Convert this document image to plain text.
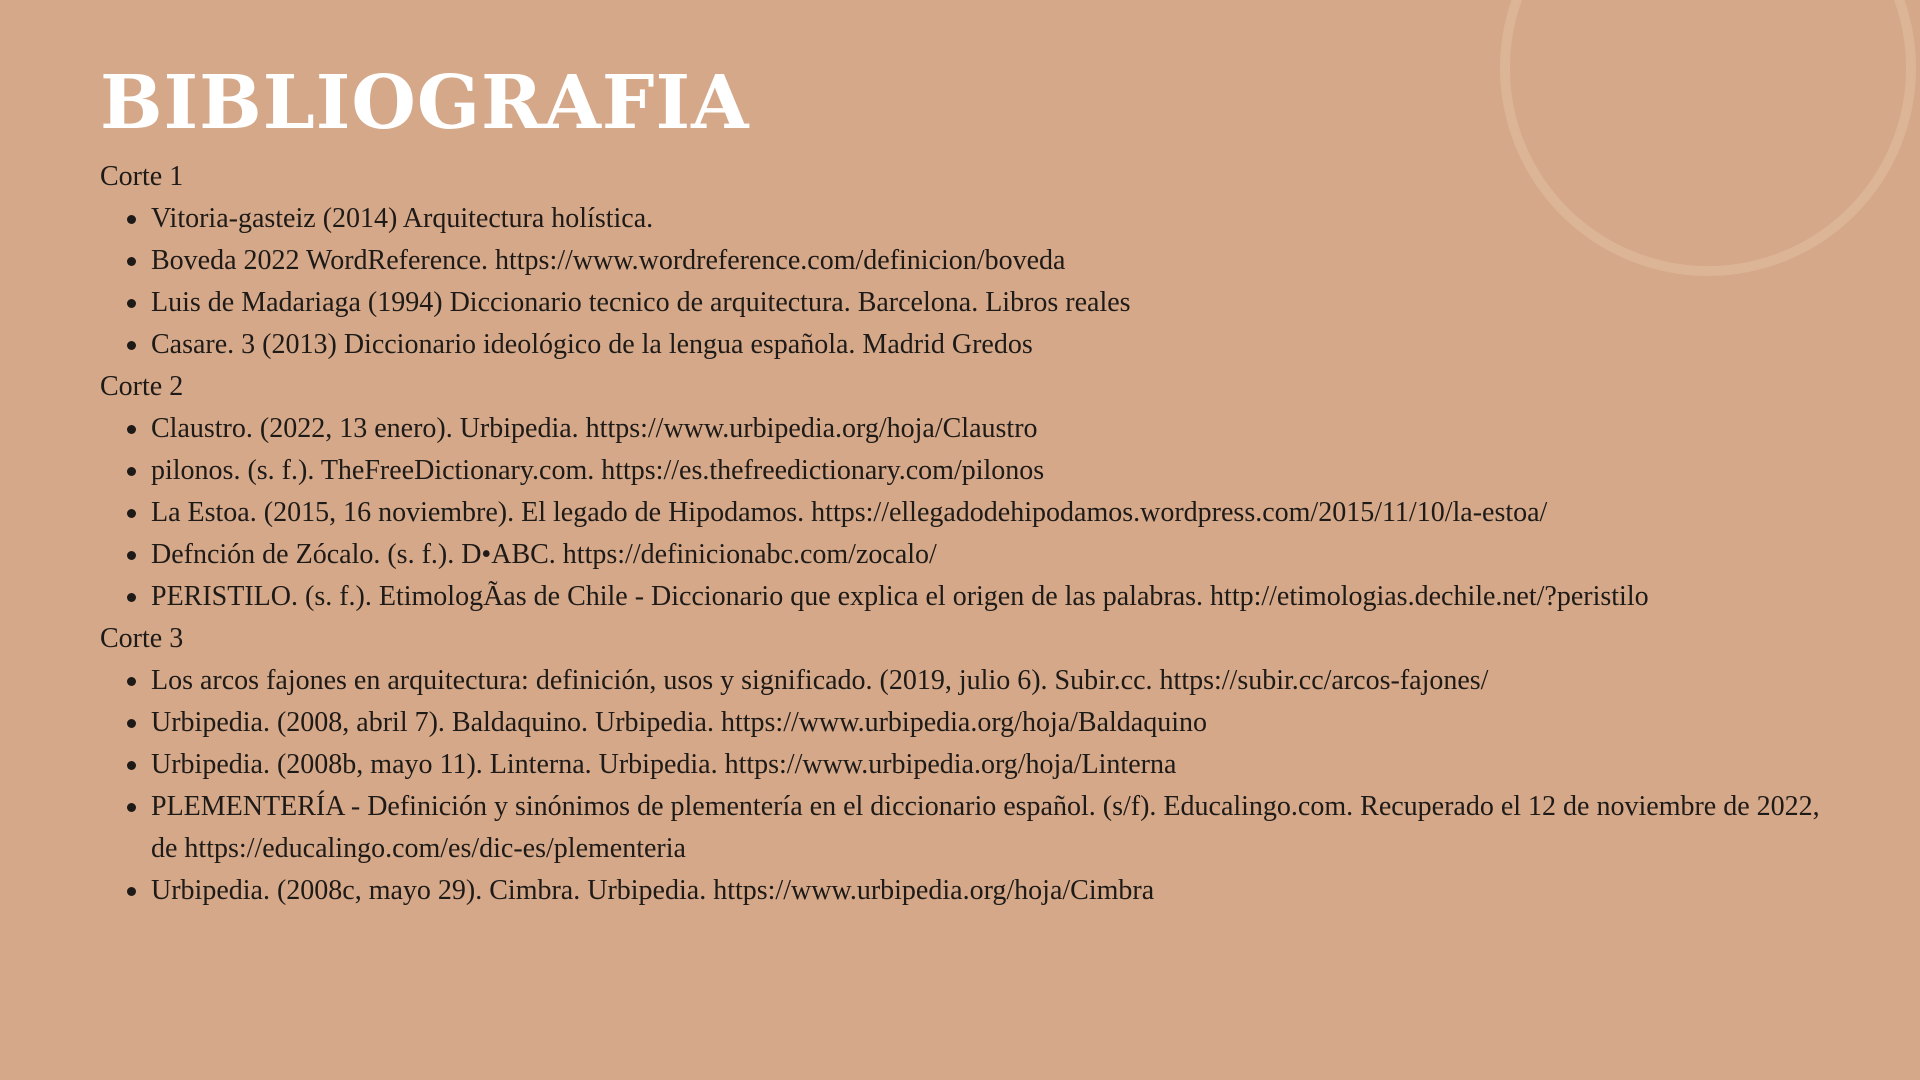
BIBLIOGRAFIA
Corte 1
Vitoria-gasteiz (2014) Arquitectura holística.
Boveda 2022 WordReference. https://www.wordreference.com/definicion/boveda
Luis de Madariaga (1994) Diccionario tecnico de arquitectura. Barcelona. Libros reales
Casare. 3 (2013) Diccionario ideológico de la lengua española. Madrid Gredos
Corte 2
Claustro. (2022, 13 enero). Urbipedia. https://www.urbipedia.org/hoja/Claustro
pilonos. (s. f.). TheFreeDictionary.com. https://es.thefreedictionary.com/pilonos
La Estoa. (2015, 16 noviembre). El legado de Hipodamos. https://ellegadodehipodamos.wordpress.com/2015/11/10/la-estoa/
Defnción de Zócalo. (s. f.). D•ABC. https://definicionabc.com/zocalo/
PERISTILO. (s. f.). EtimologÃas de Chile - Diccionario que explica el origen de las palabras. http://etimologias.dechile.net/?peristilo
Corte 3
Los arcos fajones en arquitectura: definición, usos y significado. (2019, julio 6). Subir.cc. https://subir.cc/arcos-fajones/
Urbipedia. (2008, abril 7). Baldaquino. Urbipedia. https://www.urbipedia.org/hoja/Baldaquino
Urbipedia. (2008b, mayo 11). Linterna. Urbipedia. https://www.urbipedia.org/hoja/Linterna
PLEMENTERÍA - Definición y sinónimos de plementería en el diccionario español. (s/f). Educalingo.com. Recuperado el 12 de noviembre de 2022, de https://educalingo.com/es/dic-es/plementeria
Urbipedia. (2008c, mayo 29). Cimbra. Urbipedia. https://www.urbipedia.org/hoja/Cimbra
